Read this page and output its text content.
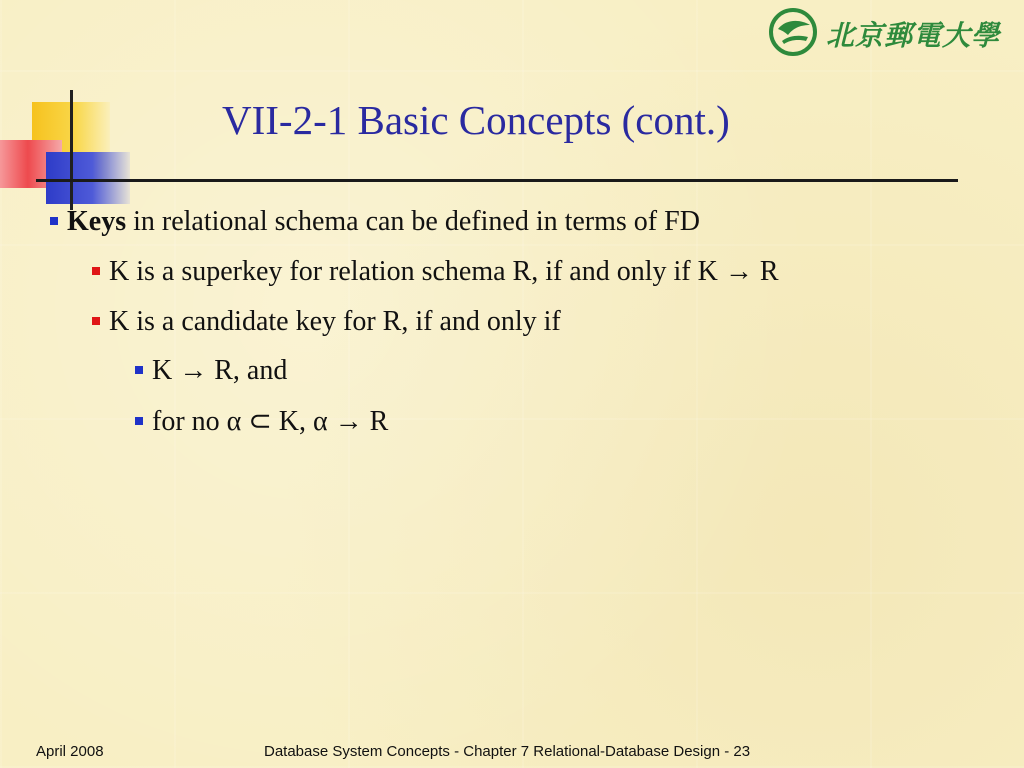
VII-2-1 Basic Concepts (cont.)
北京郵電大學
Keys in relational schema can be defined in terms of FD
K is a superkey for relation schema R, if and only if K → R
K is a candidate key for R, if and only if
K → R, and
for no α ⊂ K, α → R
April 2008	Database System Concepts - Chapter 7 Relational-Database Design - 23
